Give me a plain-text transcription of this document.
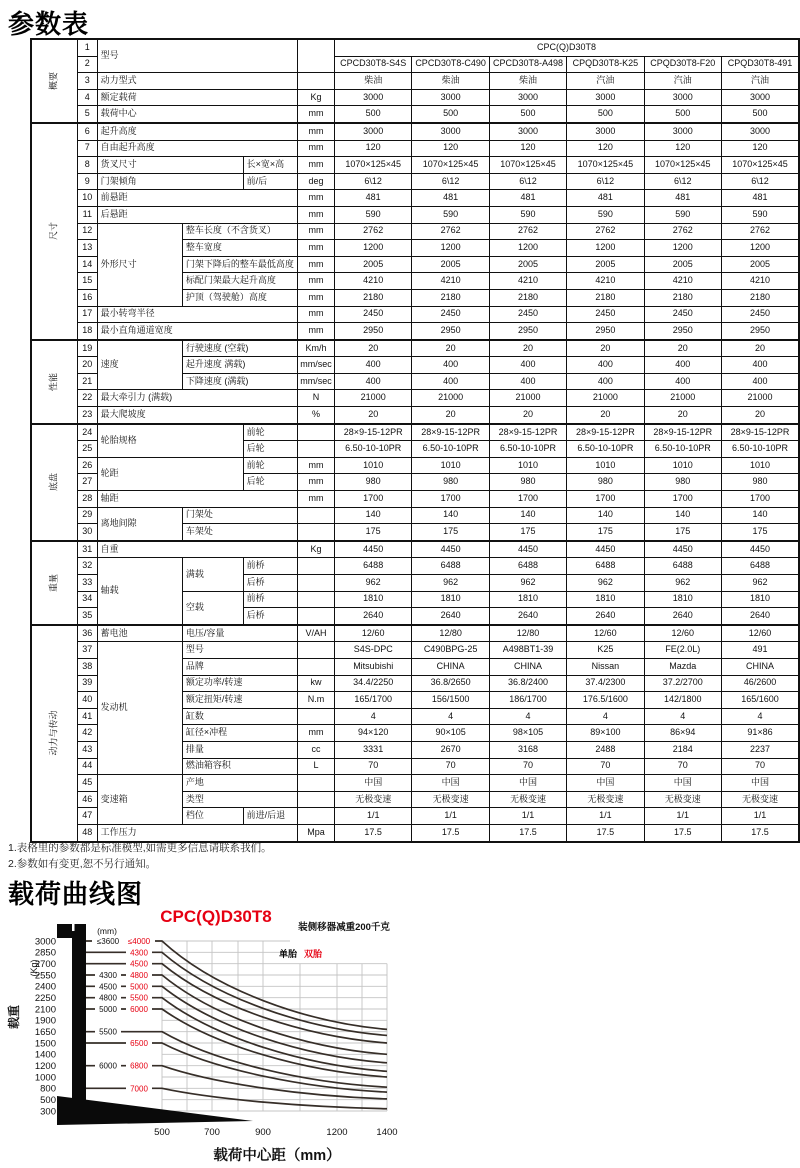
参数表
概要	1	型号				CPC(Q)D30T8					
	2					CPCD30T8-S4S	CPCD30T8-C490	CPCD30T8-A498	CPQD30T8-K25	CPQD30T8-F20	CPQD30T8-491
	3	动力型式				柴油	柴油	柴油	汽油	汽油	汽油
	4	额定载荷			Kg	3000	3000	3000	3000	3000	3000
	5	载荷中心			mm	500	500	500	500	500	500

尺寸	6	起升高度			mm	3000	3000	3000	3000	3000	3000
	7	自由起升高度			mm	120	120	120	120	120	120
	8	货叉尺寸		长×宽×高	mm	1070×125×45	1070×125×45	1070×125×45	1070×125×45	1070×125×45	1070×125×45
	9	门架倾角		前/后	deg	6\12	6\12	6\12	6\12	6\12	6\12
	10	前悬距			mm	481	481	481	481	481	481
	11	后悬距			mm	590	590	590	590	590	590
	12	外形尺寸	整车长度（不含货叉）		mm	2762	2762	2762	2762	2762	2762
	13		整车宽度		mm	1200	1200	1200	1200	1200	1200
	14		门架下降后的整车最低高度		mm	2005	2005	2005	2005	2005	2005
	15		标配门架最大起升高度		mm	4210	4210	4210	4210	4210	4210
	16		护顶（驾驶舱）高度		mm	2180	2180	2180	2180	2180	2180
	17	最小转弯半径			mm	2450	2450	2450	2450	2450	2450
	18	最小直角通道宽度			mm	2950	2950	2950	2950	2950	2950

性能	19	速度	行驶速度 (空载)		Km/h	20	20	20	20	20	20
	20		起升速度 满载)		mm/sec	400	400	400	400	400	400
	21		下降速度 (满载)		mm/sec	400	400	400	400	400	400
	22	最大牵引力 (满载)			N	21000	21000	21000	21000	21000	21000
	23	最大爬坡度			%	20	20	20	20	20	20

底盘	24	轮胎规格		前轮		28×9-15-12PR	28×9-15-12PR	28×9-15-12PR	28×9-15-12PR	28×9-15-12PR	28×9-15-12PR
	25			后轮		6.50-10-10PR	6.50-10-10PR	6.50-10-10PR	6.50-10-10PR	6.50-10-10PR	6.50-10-10PR
	26	轮距		前轮	mm	1010	1010	1010	1010	1010	1010
	27			后轮	mm	980	980	980	980	980	980
	28	轴距			mm	1700	1700	1700	1700	1700	1700
	29	离地间隙	门架处			140	140	140	140	140	140
	30		车架处			175	175	175	175	175	175

重量	31	自重			Kg	4450	4450	4450	4450	4450	4450
	32	轴载	满载	前桥		6488	6488	6488	6488	6488	6488
	33			后桥		962	962	962	962	962	962
	34		空载	前桥		1810	1810	1810	1810	1810	1810
	35			后桥		2640	2640	2640	2640	2640	2640

动力与传动	36	蓄电池	电压/容量		V/AH	12/60	12/80	12/80	12/60	12/60	12/60
	37	发动机	型号			S4S-DPC	C490BPG-25	A498BT1-39	K25	FE(2.0L)	491
	38		品牌			Mitsubishi	CHINA	CHINA	Nissan	Mazda	CHINA
	39		额定功率/转速		kw	34.4/2250	36.8/2650	36.8/2400	37.4/2300	37.2/2700	46/2600
	40		额定扭矩/转速		N.m	165/1700	156/1500	186/1700	176.5/1600	142/1800	165/1600
	41		缸数			4	4	4	4	4	4
	42		缸径×冲程		mm	94×120	90×105	98×105	89×100	86×94	91×86
	43		排量		cc	3331	2670	3168	2488	2184	2237
	44		燃油箱容积		L	70	70	70	70	70	70
	45	变速箱	产地			中国	中国	中国	中国	中国	中国
	46		类型			无极变速	无极变速	无极变速	无极变速	无极变速	无极变速
	47		档位	前进/后退		1/1	1/1	1/1	1/1	1/1	1/1
	48	工作压力			Mpa	17.5	17.5	17.5	17.5	17.5	17.5
1.表格里的参数都是标准模型,如需更多信息请联系我们。
2.参数如有变更,恕不另行通知。
载荷曲线图
3000
2850
2700
2550
2400
2250
2100
1900
1650
1500
1400
1200
1000
800
500
300
500	700	900	1200	1400
≤3600 ≤4000
4300
4500
4300 4800
4500 5000
4800 5500
5000 6000
5500
6500
6000 6800
7000
(mm)
CPC(Q)D30T8
装侧移器减重200千克
单胎 双胎
(Kg)
载重
载荷中心距（mm）
